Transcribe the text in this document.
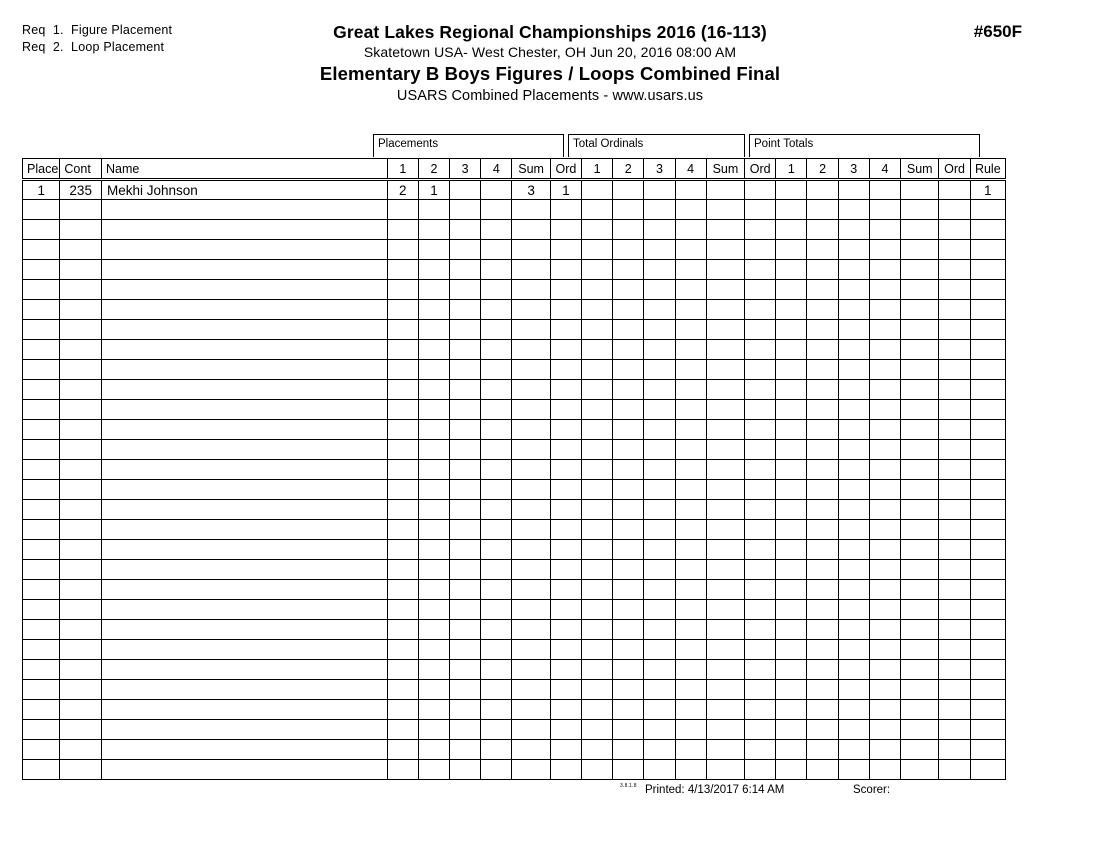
Req  1.  Figure Placement
Req  2.  Loop Placement
Great Lakes Regional Championships 2016 (16-113)
Skatetown USA- West Chester, OH Jun 20, 2016 08:00 AM
Elementary B Boys Figures / Loops Combined Final
USARS Combined Placements - www.usars.us
#650F
Placements	Total Ordinals	Point Totals
Place	Cont	Name	1	2	3	4	Sum	Ord	1	2	3	4	Sum	Ord	1	2	3	4	Sum	Ord	Rule
1	235	Mekhi Johnson	2	1			3	1													1

3.8.1.8 Printed: 4/13/2017 6:14 AM	Scorer:
